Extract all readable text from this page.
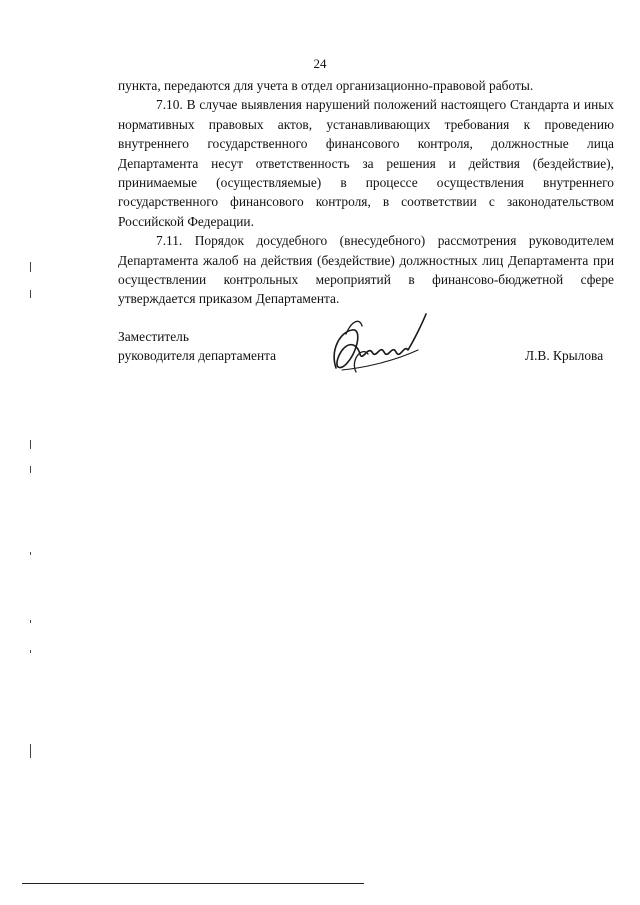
24

пункта, передаются для учета в отдел организационно-правовой работы.

7.10. В случае выявления нарушений положений настоящего Стандарта и иных нормативных правовых актов, устанавливающих требования к проведению внутреннего государственного финансового контроля, должностные лица Департамента несут ответственность за решения и действия (бездействие), принимаемые (осуществляемые) в процессе осуществления внутреннего государственного финансового контроля, в соответствии с законодательством Российской Федерации.

7.11. Порядок досудебного (внесудебного) рассмотрения руководителем Департамента жалоб на действия (бездействие) должностных лиц Департамента при осуществлении контрольных мероприятий в финансово-бюджетной сфере утверждается приказом Департамента.

Заместитель
руководителя департамента	Л.В. Крылова
